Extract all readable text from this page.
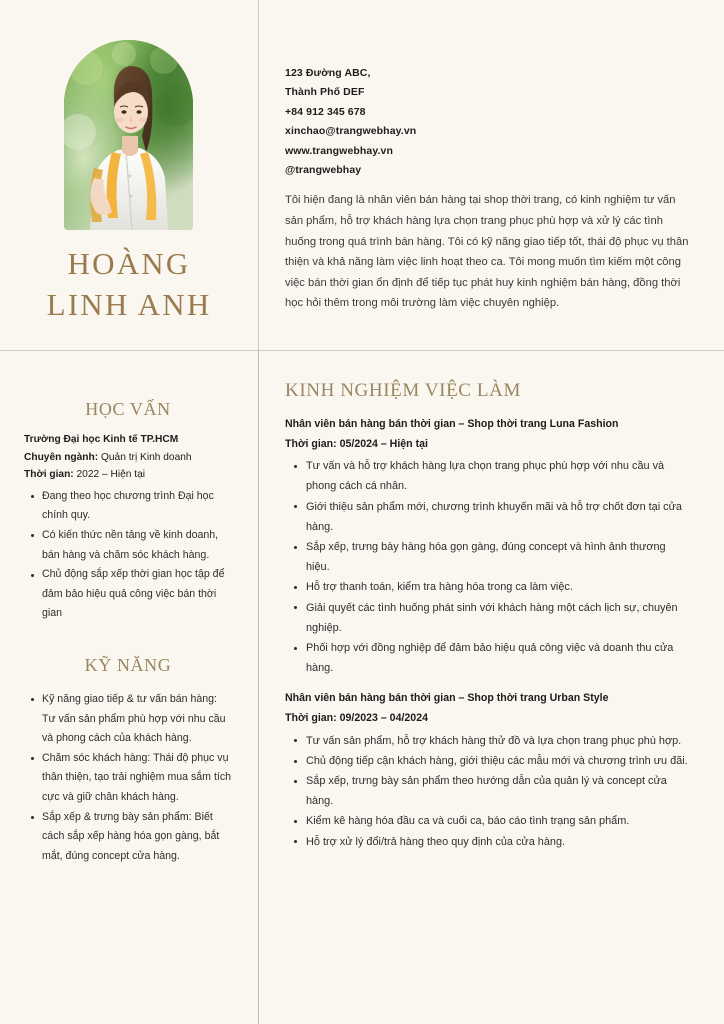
HOÀNG
LINH ANH
123 Đường ABC,
Thành Phố DEF
+84 912 345 678
xinchao@trangwebhay.vn
www.trangwebhay.vn
@trangwebhay

Tôi hiện đang là nhân viên bán hàng tại shop thời trang, có kinh nghiệm tư vấn sản phẩm, hỗ trợ khách hàng lựa chọn trang phục phù hợp và xử lý các tình huống trong quá trình bán hàng. Tôi có kỹ năng giao tiếp tốt, thái độ phục vụ thân thiện và khả năng làm việc linh hoạt theo ca. Tôi mong muốn tìm kiếm một công việc bán thời gian ổn định để tiếp tục phát huy kinh nghiệm bán hàng, đồng thời học hỏi thêm trong môi trường làm việc chuyên nghiệp.

HỌC VẤN
Trường Đại học Kinh tế TP.HCM
Chuyên ngành: Quản trị Kinh doanh
Thời gian: 2022 – Hiện tại
Đang theo học chương trình Đại học chính quy.
Có kiến thức nền tảng về kinh doanh, bán hàng và chăm sóc khách hàng.
Chủ động sắp xếp thời gian học tập để đảm bảo hiệu quả công việc bán thời gian
KỸ NĂNG
Kỹ năng giao tiếp & tư vấn bán hàng: Tư vấn sản phẩm phù hợp với nhu cầu và phong cách của khách hàng.
Chăm sóc khách hàng: Thái độ phục vụ thân thiện, tạo trải nghiệm mua sắm tích cực và giữ chân khách hàng.
Sắp xếp & trưng bày sản phẩm: Biết cách sắp xếp hàng hóa gọn gàng, bắt mắt, đúng concept cửa hàng.
KINH NGHIỆM VIỆC LÀM
Nhân viên bán hàng bán thời gian – Shop thời trang Luna Fashion
Thời gian: 05/2024 – Hiện tại
Tư vấn và hỗ trợ khách hàng lựa chọn trang phục phù hợp với nhu cầu và phong cách cá nhân.
Giới thiệu sản phẩm mới, chương trình khuyến mãi và hỗ trợ chốt đơn tại cửa hàng.
Sắp xếp, trưng bày hàng hóa gọn gàng, đúng concept và hình ảnh thương hiệu.
Hỗ trợ thanh toán, kiểm tra hàng hóa trong ca làm việc.
Giải quyết các tình huống phát sinh với khách hàng một cách lịch sự, chuyên nghiệp.
Phối hợp với đồng nghiệp để đảm bảo hiệu quả công việc và doanh thu cửa hàng.
Nhân viên bán hàng bán thời gian – Shop thời trang Urban Style
Thời gian: 09/2023 – 04/2024
Tư vấn sản phẩm, hỗ trợ khách hàng thử đồ và lựa chọn trang phục phù hợp.
Chủ động tiếp cận khách hàng, giới thiệu các mẫu mới và chương trình ưu đãi.
Sắp xếp, trưng bày sản phẩm theo hướng dẫn của quản lý và concept cửa hàng.
Kiểm kê hàng hóa đầu ca và cuối ca, báo cáo tình trạng sản phẩm.
Hỗ trợ xử lý đổi/trả hàng theo quy định của cửa hàng.
